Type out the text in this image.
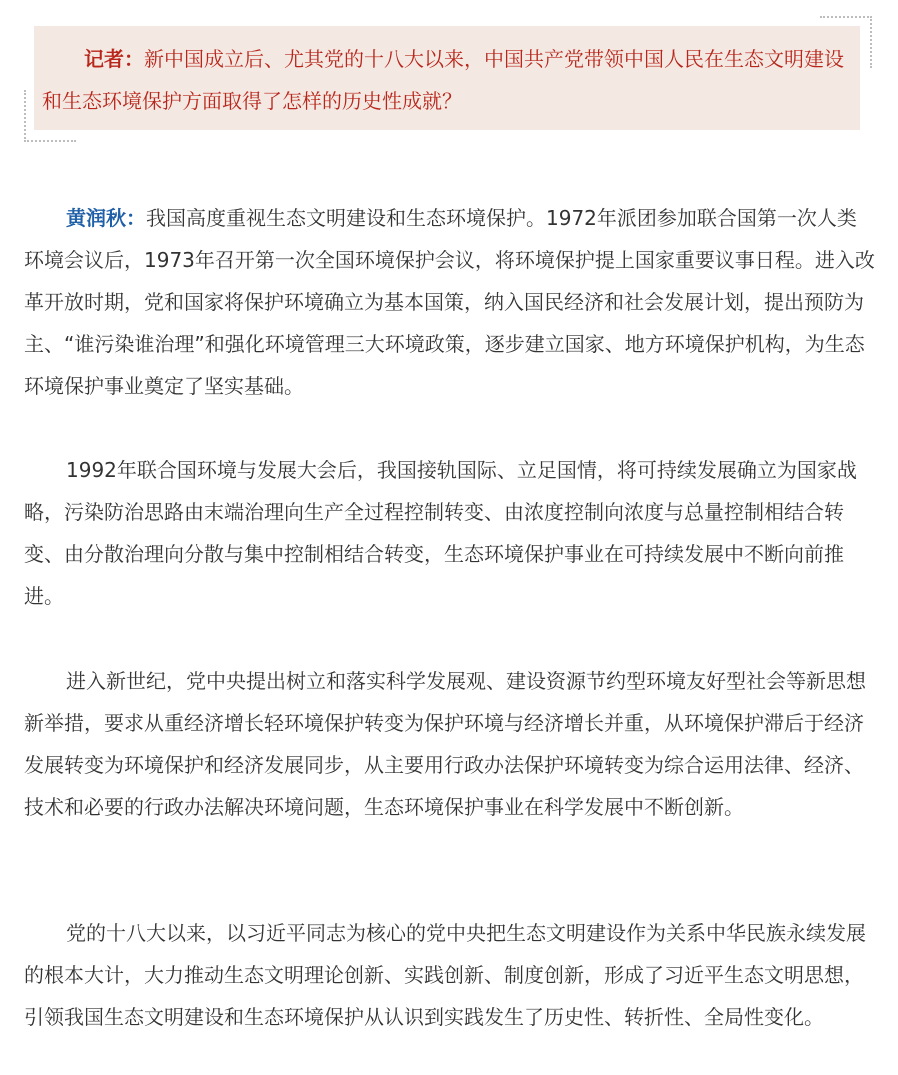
记者：新中国成立后、尤其党的十八大以来，中国共产党带领中国人民在生态文明建设和生态环境保护方面取得了怎样的历史性成就？

黄润秋：我国高度重视生态文明建设和生态环境保护。1972年派团参加联合国第一次人类环境会议后，1973年召开第一次全国环境保护会议，将环境保护提上国家重要议事日程。进入改革开放时期，党和国家将保护环境确立为基本国策，纳入国民经济和社会发展计划，提出预防为主、“谁污染谁治理”和强化环境管理三大环境政策，逐步建立国家、地方环境保护机构，为生态环境保护事业奠定了坚实基础。

1992年联合国环境与发展大会后，我国接轨国际、立足国情，将可持续发展确立为国家战略，污染防治思路由末端治理向生产全过程控制转变、由浓度控制向浓度与总量控制相结合转变、由分散治理向分散与集中控制相结合转变，生态环境保护事业在可持续发展中不断向前推进。

进入新世纪，党中央提出树立和落实科学发展观、建设资源节约型环境友好型社会等新思想新举措，要求从重经济增长轻环境保护转变为保护环境与经济增长并重，从环境保护滞后于经济发展转变为环境保护和经济发展同步，从主要用行政办法保护环境转变为综合运用法律、经济、技术和必要的行政办法解决环境问题，生态环境保护事业在科学发展中不断创新。

党的十八大以来，以习近平同志为核心的党中央把生态文明建设作为关系中华民族永续发展的根本大计，大力推动生态文明理论创新、实践创新、制度创新，形成了习近平生态文明思想，引领我国生态文明建设和生态环境保护从认识到实践发生了历史性、转折性、全局性变化。
